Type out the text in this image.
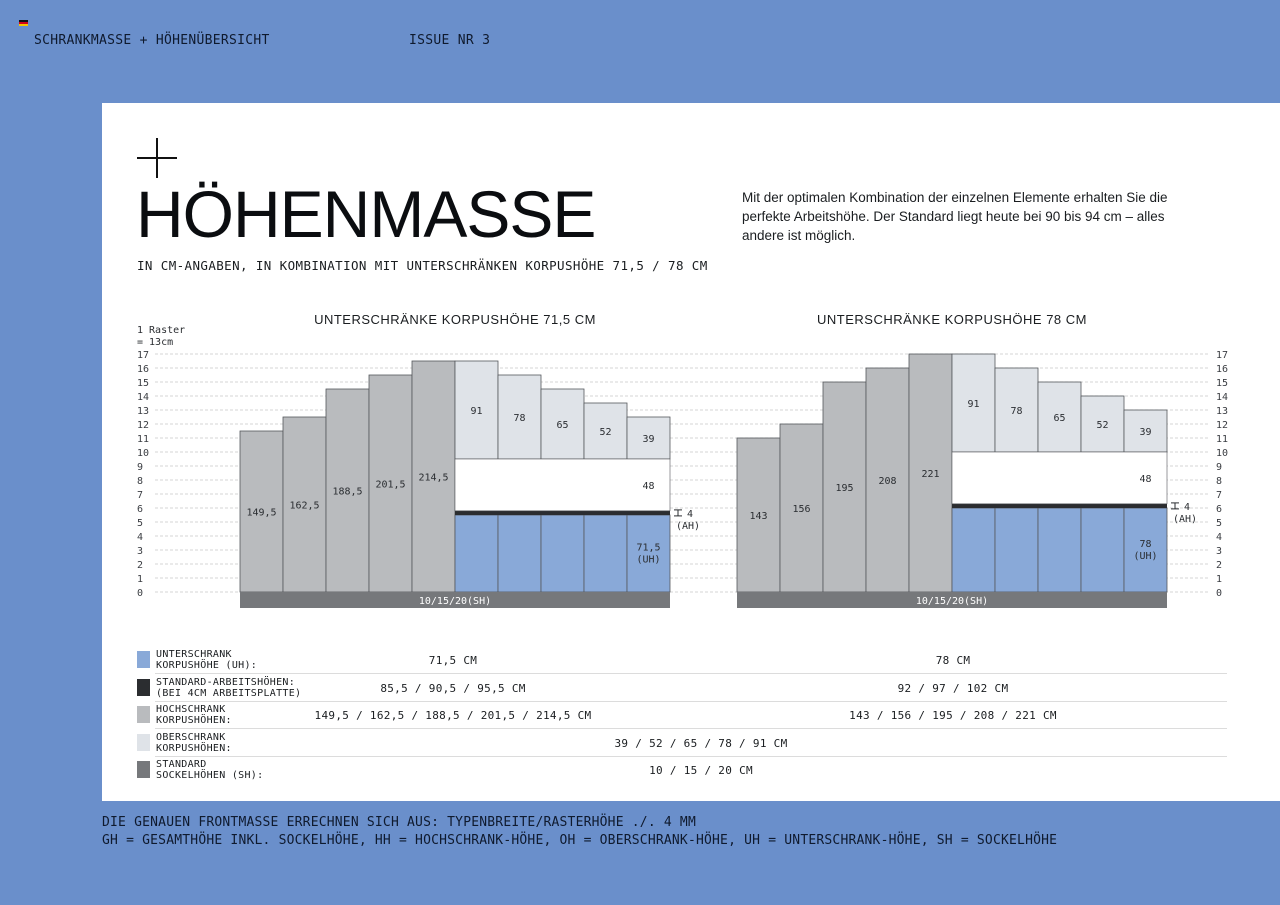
SCHRANKMASSE + HÖHENÜBERSICHT	ISSUE NR 3
HÖHENMASSE
IN CM-ANGABEN, IN KOMBINATION MIT UNTERSCHRÄNKEN KORPUSHÖHE 71,5 / 78 CM
Mit der optimalen Kombination der einzelnen Elemente erhalten Sie die perfekte Arbeitshöhe. Der Standard liegt heute bei 90 bis 94 cm – alles andere ist möglich.
0	0
1	1
2	2
3	3
4	4
5	5
6	6
7	7
8	8
9	9
10	10
11	11
12	12
13	13
14	14
15	15
16	16
17	17
1 Raster = 13cm
UNTERSCHRÄNKE KORPUSHÖHE 71,5 CM
149,5
162,5
188,5
201,5
214,5
91
78
65
52
39
48
71,5 (UH)
4
(AH)
10/15/20(SH)
UNTERSCHRÄNKE KORPUSHÖHE 78 CM
143
156
195
208
221
91
78
65
52
39
48
78 (UH)
4
(AH)
10/15/20(SH)
UNTERSCHRANK
KORPUSHÖHE (UH):	71,5 CM	78 CM
STANDARD-ARBEITSHÖHEN:
(BEI 4CM ARBEITSPLATTE)	85,5 / 90,5 / 95,5 CM	92 / 97 / 102 CM
HOCHSCHRANK
KORPUSHÖHEN:	149,5 / 162,5 / 188,5 / 201,5 / 214,5 CM	143 / 156 / 195 / 208 / 221 CM
OBERSCHRANK
KORPUSHÖHEN:	39 / 52 / 65 / 78 / 91 CM
STANDARD
SOCKELHÖHEN (SH):	10 / 15 / 20 CM
DIE GENAUEN FRONTMASSE ERRECHNEN SICH AUS: TYPENBREITE/RASTERHÖHE ./. 4 MM
GH = GESAMTHÖHE INKL. SOCKELHÖHE, HH = HOCHSCHRANK-HÖHE, OH = OBERSCHRANK-HÖHE, UH = UNTERSCHRANK-HÖHE, SH = SOCKELHÖHE
